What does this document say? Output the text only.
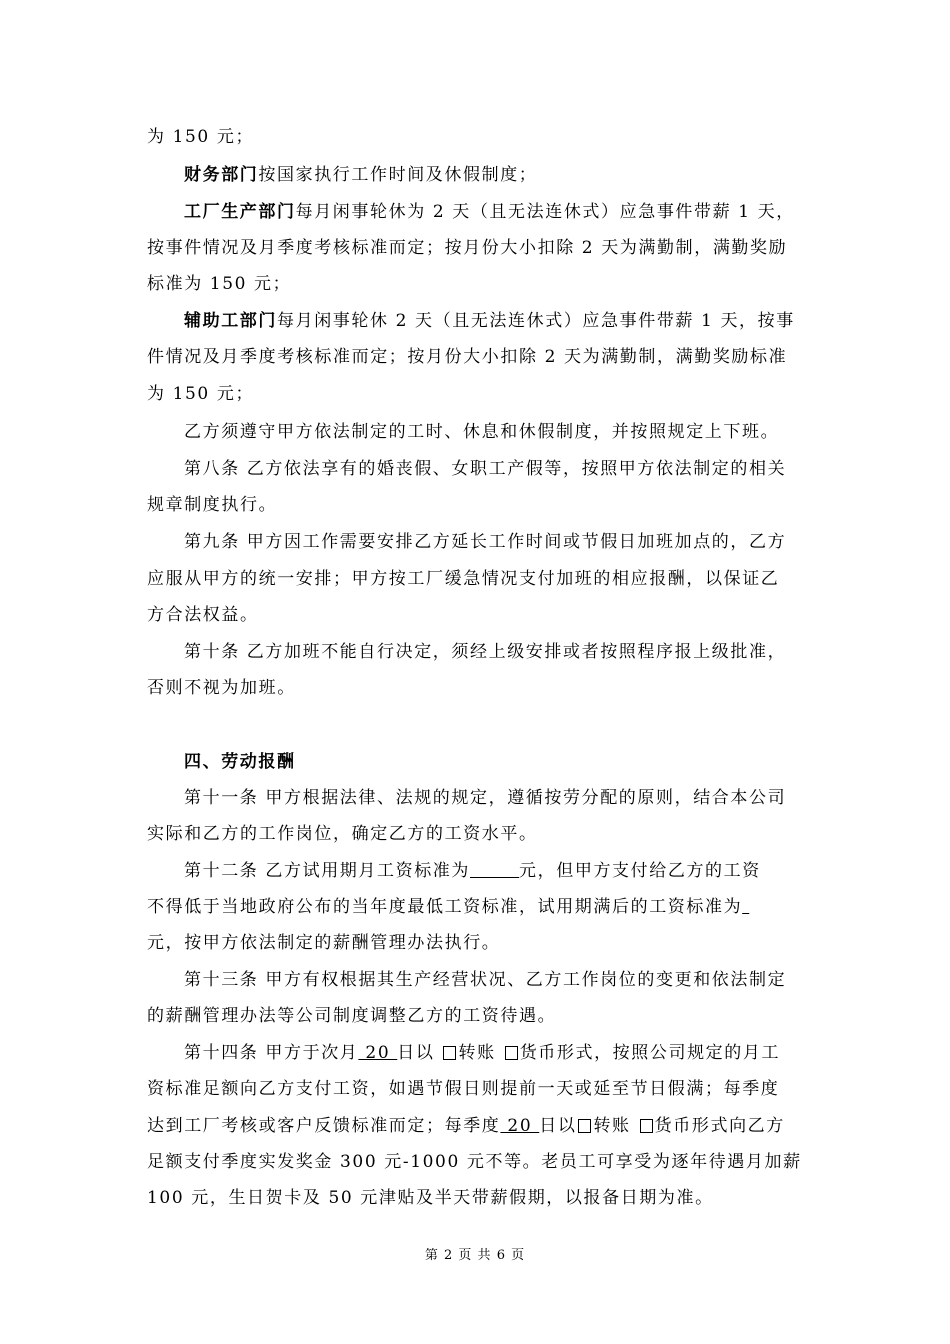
为 150 元；
财务部门按国家执行工作时间及休假制度；
工厂生产部门每月闲事轮休为 2 天（且无法连休式）应急事件带薪 1 天，
按事件情况及月季度考核标准而定；按月份大小扣除 2 天为满勤制，满勤奖励
标准为 150 元；
辅助工部门每月闲事轮休 2 天（且无法连休式）应急事件带薪 1 天，按事
件情况及月季度考核标准而定；按月份大小扣除 2 天为满勤制，满勤奖励标准
为 150 元；
乙方须遵守甲方依法制定的工时、休息和休假制度，并按照规定上下班。
第八条 乙方依法享有的婚丧假、女职工产假等，按照甲方依法制定的相关
规章制度执行。
第九条 甲方因工作需要安排乙方延长工作时间或节假日加班加点的，乙方
应服从甲方的统一安排；甲方按工厂缓急情况支付加班的相应报酬，以保证乙
方合法权益。
第十条 乙方加班不能自行决定，须经上级安排或者按照程序报上级批准，
否则不视为加班。
四、劳动报酬
第十一条 甲方根据法律、法规的规定，遵循按劳分配的原则，结合本公司
实际和乙方的工作岗位，确定乙方的工资水平。
第十二条 乙方试用期月工资标准为	元，但甲方支付给乙方的工资
不得低于当地政府公布的当年度最低工资标准，试用期满后的工资标准为
元，按甲方依法制定的薪酬管理办法执行。
第十三条 甲方有权根据其生产经营状况、乙方工作岗位的变更和依法制定
的薪酬管理办法等公司制度调整乙方的工资待遇。
第十四条 甲方于次月 20 日以 转账 货币形式，按照公司规定的月工
资标准足额向乙方支付工资，如遇节假日则提前一天或延至节日假满；每季度
达到工厂考核或客户反馈标准而定；每季度 20 日以 转账 货币形式向乙方
足额支付季度实发奖金 300 元-1000 元不等。老员工可享受为逐年待遇月加薪
100 元，生日贺卡及 50 元津贴及半天带薪假期，以报备日期为准。
第 2 页 共 6 页
